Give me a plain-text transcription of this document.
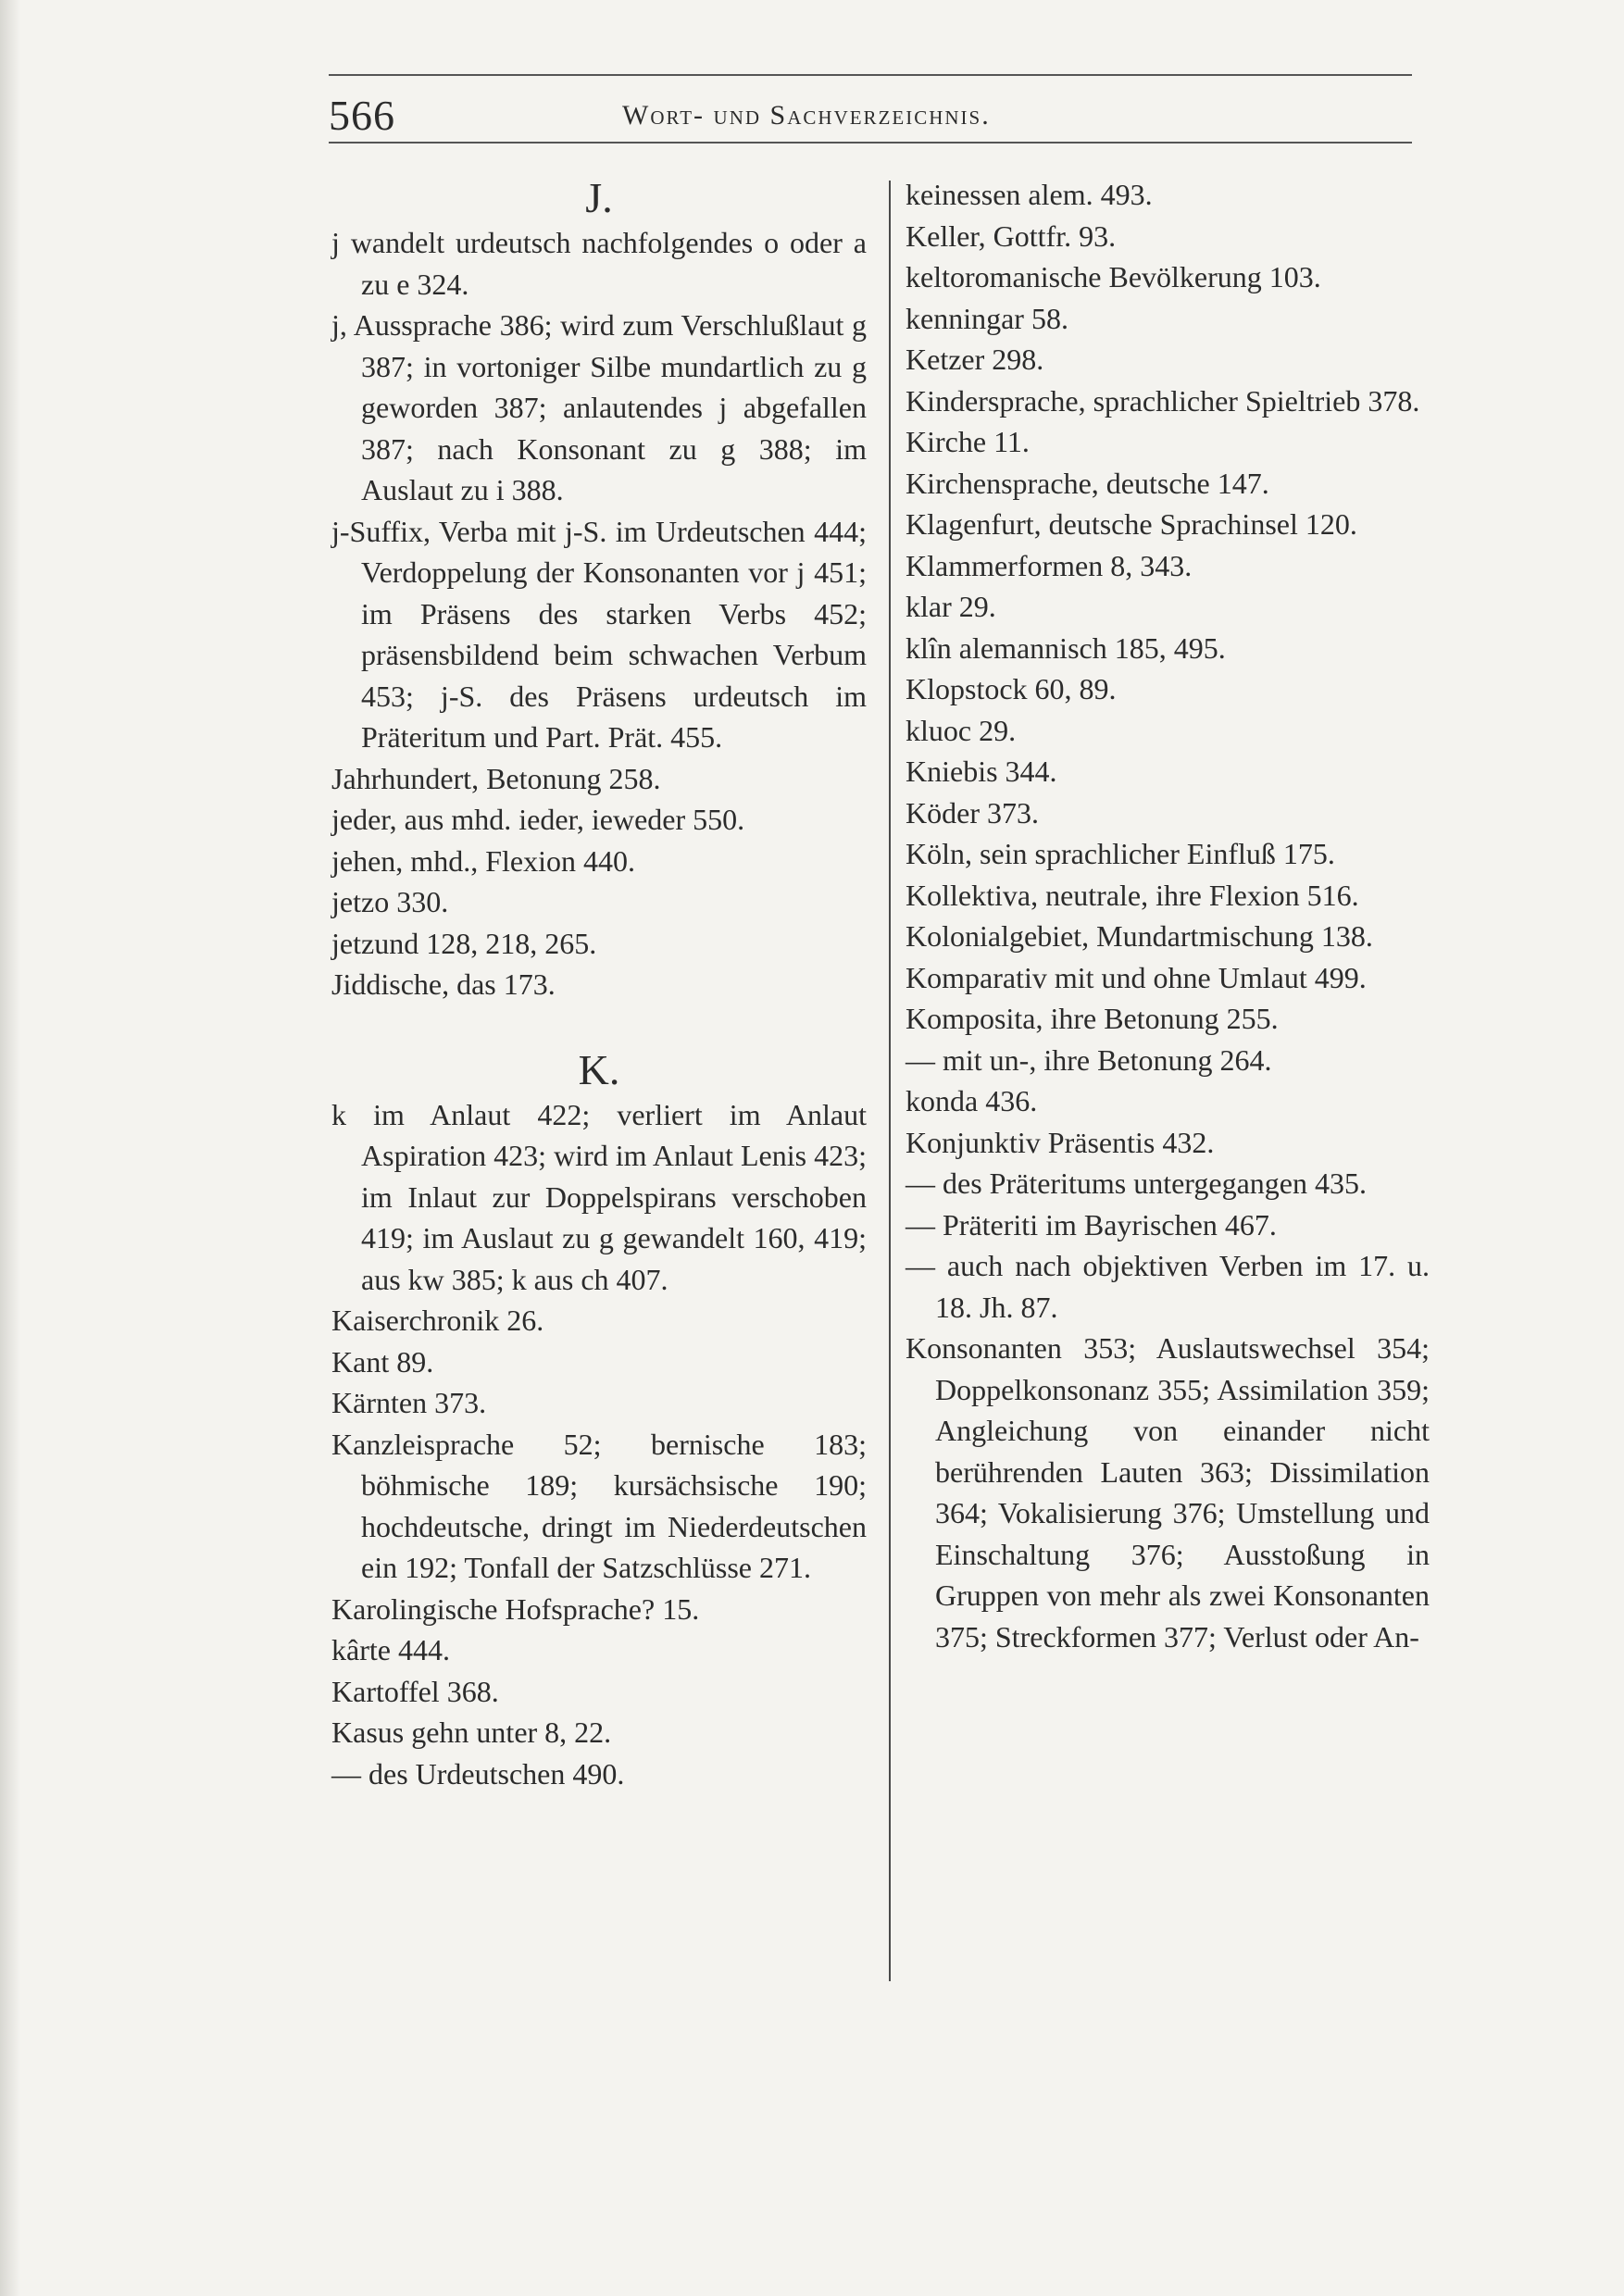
566	Wort- und Sachverzeichnis.
J.
j wandelt urdeutsch nachfolgendes o oder a zu e 324.
j, Aussprache 386; wird zum Verschlußlaut g 387; in vortoniger Silbe mundartlich zu g geworden 387; anlautendes j abgefallen 387; nach Konsonant zu g 388; im Auslaut zu i 388.
j-Suffix, Verba mit j-S. im Urdeutschen 444; Verdoppelung der Konsonanten vor j 451; im Präsens des starken Verbs 452; präsensbildend beim schwachen Verbum 453; j-S. des Präsens urdeutsch im Präteritum und Part. Prät. 455.
Jahrhundert, Betonung 258.
jeder, aus mhd. ieder, ieweder 550.
jehen, mhd., Flexion 440.
jetzo 330.
jetzund 128, 218, 265.
Jiddische, das 173.
K.
k im Anlaut 422; verliert im Anlaut Aspiration 423; wird im Anlaut Lenis 423; im Inlaut zur Doppelspirans verschoben 419; im Auslaut zu g gewandelt 160, 419; aus kw 385; k aus ch 407.
Kaiserchronik 26.
Kant 89.
Kärnten 373.
Kanzleisprache 52; bernische 183; böhmische 189; kursächsische 190; hochdeutsche, dringt im Niederdeutschen ein 192; Tonfall der Satzschlüsse 271.
Karolingische Hofsprache? 15.
kârte 444.
Kartoffel 368.
Kasus gehn unter 8, 22.
— des Urdeutschen 490.
keinessen alem. 493.
Keller, Gottfr. 93.
keltoromanische Bevölkerung 103.
kenningar 58.
Ketzer 298.
Kindersprache, sprachlicher Spieltrieb 378.
Kirche 11.
Kirchensprache, deutsche 147.
Klagenfurt, deutsche Sprachinsel 120.
Klammerformen 8, 343.
klar 29.
klîn alemannisch 185, 495.
Klopstock 60, 89.
kluoc 29.
Kniebis 344.
Köder 373.
Köln, sein sprachlicher Einfluß 175.
Kollektiva, neutrale, ihre Flexion 516.
Kolonialgebiet, Mundartmischung 138.
Komparativ mit und ohne Umlaut 499.
Komposita, ihre Betonung 255.
— mit un-, ihre Betonung 264.
konda 436.
Konjunktiv Präsentis 432.
— des Präteritums untergegangen 435.
— Präteriti im Bayrischen 467.
— auch nach objektiven Verben im 17. u. 18. Jh. 87.
Konsonanten 353; Auslautswechsel 354; Doppelkonsonanz 355; Assimilation 359; Angleichung von einander nicht berührenden Lauten 363; Dissimilation 364; Vokalisierung 376; Umstellung und Einschaltung 376; Ausstoßung in Gruppen von mehr als zwei Konsonanten 375; Streckformen 377; Verlust oder An-
